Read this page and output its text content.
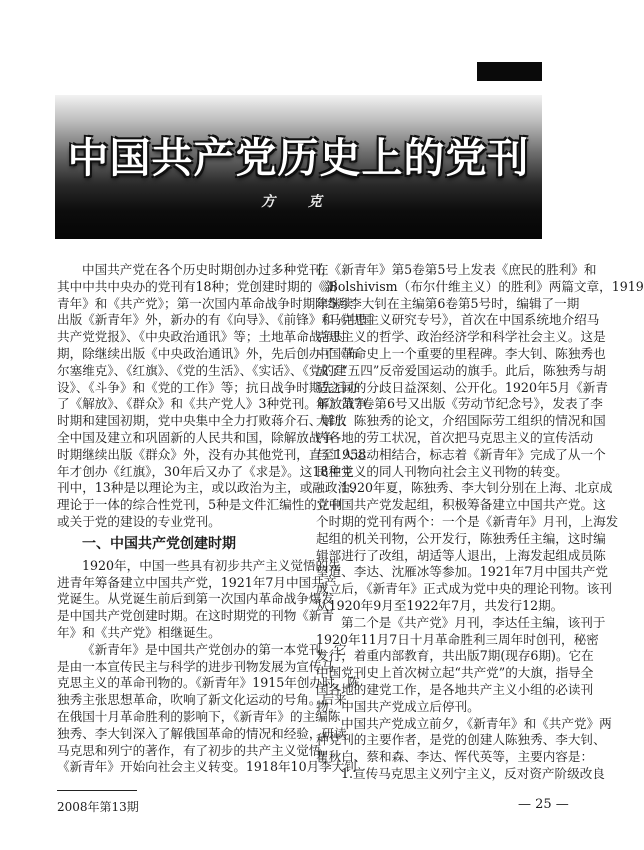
中国共产党历史上的党刊
方 克
中国共产党在各个历史时期创办过多种党刊，
其中中共中央办的党刊有18种；党创建时期的《新
青年》和《共产党》；第一次国内革命战争时期除继续
出版《新青年》外，新办的有《向导》、《前锋》和《中国
共产党党报》、《中央政治通讯》等；土地革命战争时
期，除继续出版《中央政治通讯》外，先后创办了《布
尔塞维克》、《红旗》、《党的生活》、《实话》、《党的建
设》、《斗争》和《党的工作》等；抗日战争时期先后办
了《解放》、《群众》和《共产党人》3种党刊。解放战争
时期和建国初期，党中央集中全力打败蒋介石、解放
全中国及建立和巩固新的人民共和国，除解放战争
时期继续出版《群众》外，没有办其他党刊，直至1958
年才创办《红旗》，30年后又办了《求是》。这18种党
刊中，13种是以理论为主，或以政治为主，或融政治、
理论于一体的综合性党刊，5种是文件汇编性的党刊
或关于党的建设的专业党刊。
一、中国共产党创建时期
1920年，中国一些具有初步共产主义觉悟的先
进青年筹备建立中国共产党，1921年7月中国共产
党诞生。从党诞生前后到第一次国内革命战争爆发
是中国共产党创建时期。在这时期党的刊物《新青
年》和《共产党》相继诞生。
《新青年》是中国共产党创办的第一本党刊。它
是由一本宣传民主与科学的进步刊物发展为宣传马
克思主义的革命刊物的。《新青年》1915年创办时，陈
独秀主张思想革命，吹响了新文化运动的号角。后来
在俄国十月革命胜利的影响下，《新青年》的主编陈
独秀、李大钊深入了解俄国革命的情况和经验，研读
马克思和列宁的著作，有了初步的共产主义觉悟，
《新青年》开始向社会主义转变。1918年10月李大钊
在《新青年》第5卷第5号上发表《庶民的胜利》和
《Bolshivism（布尔什维主义）的胜利》两篇文章，1919
年5月李大钊在主编第6卷第5号时，编辑了一期
《马克思主义研究专号》，首次在中国系统地介绍马
克思主义的哲学、政治经济学和科学社会主义。这是
中国革命史上一个重要的里程碑。李大钊、陈独秀也
成了“五四”反帝爱国运动的旗手。此后，陈独秀与胡
适之间的分歧日益深刻、公开化。1920年5月《新青
年》第7卷第6号又出版《劳动节纪念号》，发表了李
大钊、陈独秀的论文，介绍国际劳工组织的情况和国
内各地的劳工状况，首次把马克思主义的宣传活动
与工人运动相结合，标志着《新青年》完成了从一个
民主主义的同人刊物向社会主义刊物的转变。
1920年夏，陈独秀、李大钊分别在上海、北京成
立中国共产党发起组，积极筹备建立中国共产党。这
个时期的党刊有两个：一个是《新青年》月刊，上海发
起组的机关刊物，公开发行，陈独秀任主编，这时编
辑部进行了改组，胡适等人退出，上海发起组成员陈
望道、李达、沈雁冰等参加。1921年7月中国共产党
成立后，《新青年》正式成为党中央的理论刊物。该刊
从1920年9月至1922年7月，共发行12期。
第二个是《共产党》月刊，李达任主编，该刊于
1920年11月7日十月革命胜利三周年时创刊，秘密
发行，着重内部教育，共出版7期(现存6期)。它在
中国党刊史上首次树立起“共产党”的大旗，指导全
国各地的建党工作，是各地共产主义小组的必读刊
物。中国共产党成立后停刊。
中国共产党成立前夕，《新青年》和《共产党》两
种党刊的主要作者，是党的创建人陈独秀、李大钊、
瞿秋白、蔡和森、李达、恽代英等，主要内容是：
1.宣传马克思主义列宁主义，反对资产阶级改良
2008年第13期	— 25 —
